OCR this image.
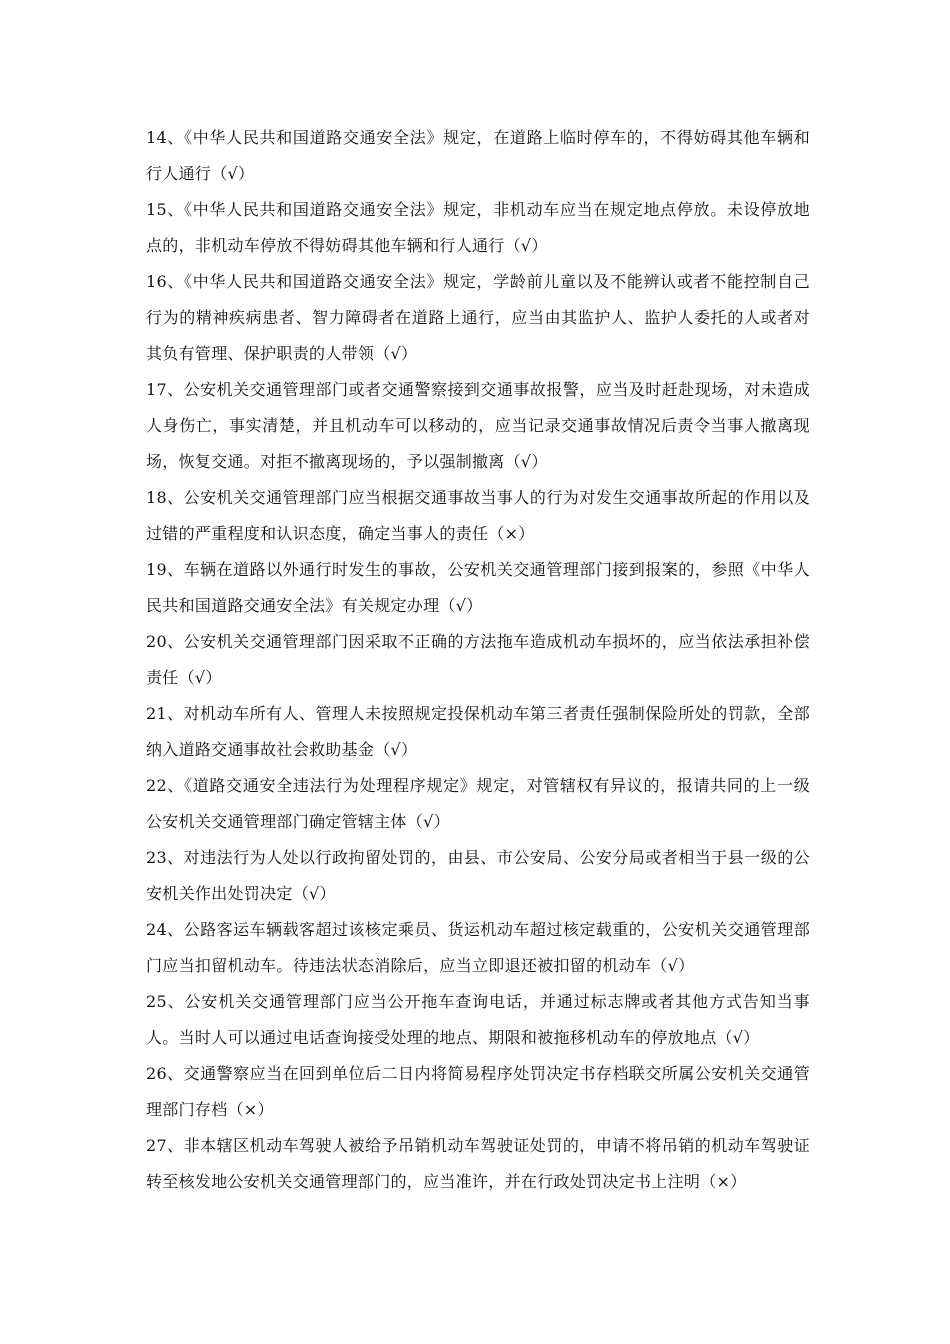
14、《中华人民共和国道路交通安全法》规定，在道路上临时停车的，不得妨碍其他车辆和行人通行（√）

15、《中华人民共和国道路交通安全法》规定，非机动车应当在规定地点停放。未设停放地点的，非机动车停放不得妨碍其他车辆和行人通行（√）

16、《中华人民共和国道路交通安全法》规定，学龄前儿童以及不能辨认或者不能控制自己行为的精神疾病患者、智力障碍者在道路上通行，应当由其监护人、监护人委托的人或者对其负有管理、保护职责的人带领（√）

17、公安机关交通管理部门或者交通警察接到交通事故报警，应当及时赶赴现场，对未造成人身伤亡，事实清楚，并且机动车可以移动的，应当记录交通事故情况后责令当事人撤离现场，恢复交通。对拒不撤离现场的，予以强制撤离（√）

18、公安机关交通管理部门应当根据交通事故当事人的行为对发生交通事故所起的作用以及过错的严重程度和认识态度，确定当事人的责任（×）

19、车辆在道路以外通行时发生的事故，公安机关交通管理部门接到报案的，参照《中华人民共和国道路交通安全法》有关规定办理（√）

20、公安机关交通管理部门因采取不正确的方法拖车造成机动车损坏的，应当依法承担补偿责任（√）

21、对机动车所有人、管理人未按照规定投保机动车第三者责任强制保险所处的罚款，全部纳入道路交通事故社会救助基金（√）

22、《道路交通安全违法行为处理程序规定》规定，对管辖权有异议的，报请共同的上一级公安机关交通管理部门确定管辖主体（√）

23、对违法行为人处以行政拘留处罚的，由县、市公安局、公安分局或者相当于县一级的公安机关作出处罚决定（√）

24、公路客运车辆载客超过该核定乘员、货运机动车超过核定载重的，公安机关交通管理部门应当扣留机动车。待违法状态消除后，应当立即退还被扣留的机动车（√）

25、公安机关交通管理部门应当公开拖车查询电话，并通过标志牌或者其他方式告知当事人。当时人可以通过电话查询接受处理的地点、期限和被拖移机动车的停放地点（√）

26、交通警察应当在回到单位后二日内将简易程序处罚决定书存档联交所属公安机关交通管理部门存档（×）

27、非本辖区机动车驾驶人被给予吊销机动车驾驶证处罚的，申请不将吊销的机动车驾驶证转至核发地公安机关交通管理部门的，应当准许，并在行政处罚决定书上注明（×）
